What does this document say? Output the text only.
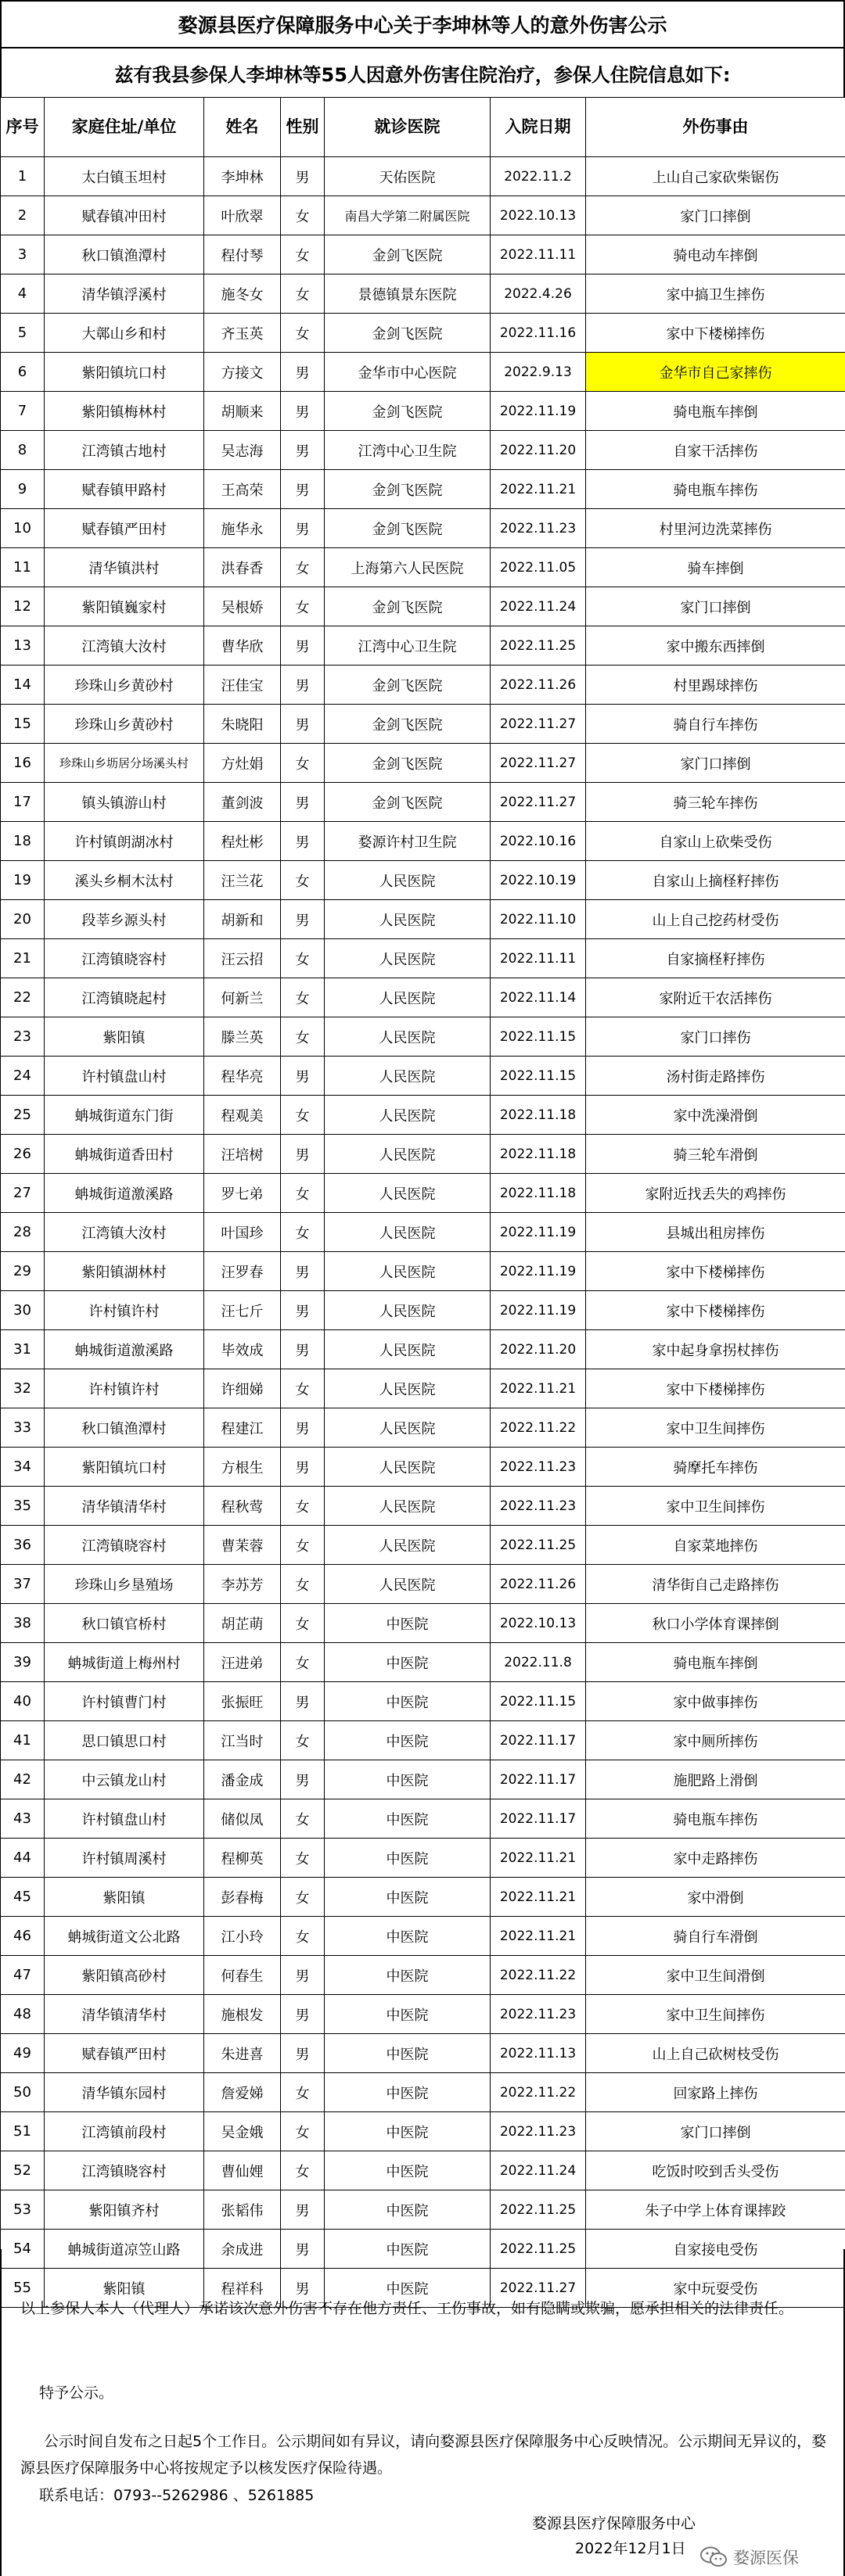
婺源县医疗保障服务中心关于李坤林等人的意外伤害公示
兹有我县参保人李坤林等55人因意外伤害住院治疗，参保人住院信息如下:
序号	家庭住址/单位	姓名	性别	就诊医院	入院日期	外伤事由
1	太白镇玉坦村	李坤林	男	天佑医院	2022.11.2	上山自己家砍柴锯伤
2	赋春镇冲田村	叶欣翠	女	南昌大学第二附属医院	2022.10.13	家门口摔倒
3	秋口镇渔潭村	程付琴	女	金剑飞医院	2022.11.11	骑电动车摔倒
4	清华镇浮溪村	施冬女	女	景德镇景东医院	2022.4.26	家中搞卫生摔伤
5	大鄣山乡和村	齐玉英	女	金剑飞医院	2022.11.16	家中下楼梯摔伤
6	紫阳镇坑口村	方接文	男	金华市中心医院	2022.9.13	金华市自己家摔伤
7	紫阳镇梅林村	胡顺来	男	金剑飞医院	2022.11.19	骑电瓶车摔倒
8	江湾镇古地村	吴志海	男	江湾中心卫生院	2022.11.20	自家干活摔伤
9	赋春镇甲路村	王高荣	男	金剑飞医院	2022.11.21	骑电瓶车摔伤
10	赋春镇严田村	施华永	男	金剑飞医院	2022.11.23	村里河边洗菜摔伤
11	清华镇洪村	洪春香	女	上海第六人民医院	2022.11.05	骑车摔倒
12	紫阳镇巍家村	吴根娇	女	金剑飞医院	2022.11.24	家门口摔倒
13	江湾镇大汝村	曹华欣	男	江湾中心卫生院	2022.11.25	家中搬东西摔倒
14	珍珠山乡黄砂村	汪佳宝	男	金剑飞医院	2022.11.26	村里踢球摔伤
15	珍珠山乡黄砂村	朱晓阳	男	金剑飞医院	2022.11.27	骑自行车摔伤
16	珍珠山乡坜居分场溪头村	方灶娟	女	金剑飞医院	2022.11.27	家门口摔倒
17	镇头镇游山村	董剑波	男	金剑飞医院	2022.11.27	骑三轮车摔伤
18	许村镇朗湖冰村	程灶彬	男	婺源许村卫生院	2022.10.16	自家山上砍柴受伤
19	溪头乡桐木汰村	汪兰花	女	人民医院	2022.10.19	自家山上摘柽籽摔伤
20	段莘乡源头村	胡新和	男	人民医院	2022.11.10	山上自己挖药材受伤
21	江湾镇晓容村	汪云招	女	人民医院	2022.11.11	自家摘柽籽摔伤
22	江湾镇晓起村	何新兰	女	人民医院	2022.11.14	家附近干农活摔伤
23	紫阳镇	滕兰英	女	人民医院	2022.11.15	家门口摔伤
24	许村镇盘山村	程华亮	男	人民医院	2022.11.15	汤村街走路摔伤
25	蚺城街道东门街	程观美	女	人民医院	2022.11.18	家中洗澡滑倒
26	蚺城街道香田村	汪培树	男	人民医院	2022.11.18	骑三轮车滑倒
27	蚺城街道激溪路	罗七弟	女	人民医院	2022.11.18	家附近找丢失的鸡摔伤
28	江湾镇大汝村	叶国珍	女	人民医院	2022.11.19	县城出租房摔伤
29	紫阳镇湖林村	汪罗春	男	人民医院	2022.11.19	家中下楼梯摔伤
30	许村镇许村	汪七斤	男	人民医院	2022.11.19	家中下楼梯摔伤
31	蚺城街道激溪路	毕效成	男	人民医院	2022.11.20	家中起身拿拐杖摔伤
32	许村镇许村	许细娣	女	人民医院	2022.11.21	家中下楼梯摔伤
33	秋口镇渔潭村	程建江	男	人民医院	2022.11.22	家中卫生间摔伤
34	紫阳镇坑口村	方根生	男	人民医院	2022.11.23	骑摩托车摔伤
35	清华镇清华村	程秋莺	女	人民医院	2022.11.23	家中卫生间摔伤
36	江湾镇晓容村	曹茉蓉	女	人民医院	2022.11.25	自家菜地摔伤
37	珍珠山乡垦殖场	李苏芳	女	人民医院	2022.11.26	清华街自己走路摔伤
38	秋口镇官桥村	胡芷萌	女	中医院	2022.10.13	秋口小学体育课摔倒
39	蚺城街道上梅州村	汪进弟	女	中医院	2022.11.8	骑电瓶车摔倒
40	许村镇曹门村	张振旺	男	中医院	2022.11.15	家中做事摔伤
41	思口镇思口村	江当时	女	中医院	2022.11.17	家中厕所摔伤
42	中云镇龙山村	潘金成	男	中医院	2022.11.17	施肥路上滑倒
43	许村镇盘山村	储似凤	女	中医院	2022.11.17	骑电瓶车摔伤
44	许村镇周溪村	程柳英	女	中医院	2022.11.21	家中走路摔伤
45	紫阳镇	彭春梅	女	中医院	2022.11.21	家中滑倒
46	蚺城街道文公北路	江小玲	女	中医院	2022.11.21	骑自行车滑倒
47	紫阳镇高砂村	何春生	男	中医院	2022.11.22	家中卫生间滑倒
48	清华镇清华村	施根发	男	中医院	2022.11.23	家中卫生间摔伤
49	赋春镇严田村	朱进喜	男	中医院	2022.11.13	山上自己砍树枝受伤
50	清华镇东园村	詹爱娣	女	中医院	2022.11.22	回家路上摔伤
51	江湾镇前段村	吴金娥	女	中医院	2022.11.23	家门口摔倒
52	江湾镇晓容村	曹仙娌	女	中医院	2022.11.24	吃饭时咬到舌头受伤
53	紫阳镇齐村	张韬伟	男	中医院	2022.11.25	朱子中学上体育课摔跤
54	蚺城街道凉笠山路	余成进	男	中医院	2022.11.25	自家接电受伤
55	紫阳镇	程祥科	男	中医院	2022.11.27	家中玩耍受伤
以上参保人本人（代理人）承诺该次意外伤害不存在他方责任、工伤事故，如有隐瞒或欺骗，愿承担相关的法律责任。
特予公示。
公示时间自发布之日起5个工作日。公示期间如有异议，请向婺源县医疗保障服务中心反映情况。公示期间无异议的，婺源县医疗保障服务中心将按规定予以核发医疗保险待遇。
联系电话：0793--5262986 、5261885
婺源县医疗保障服务中心
2022年12月1日	婺源医保
